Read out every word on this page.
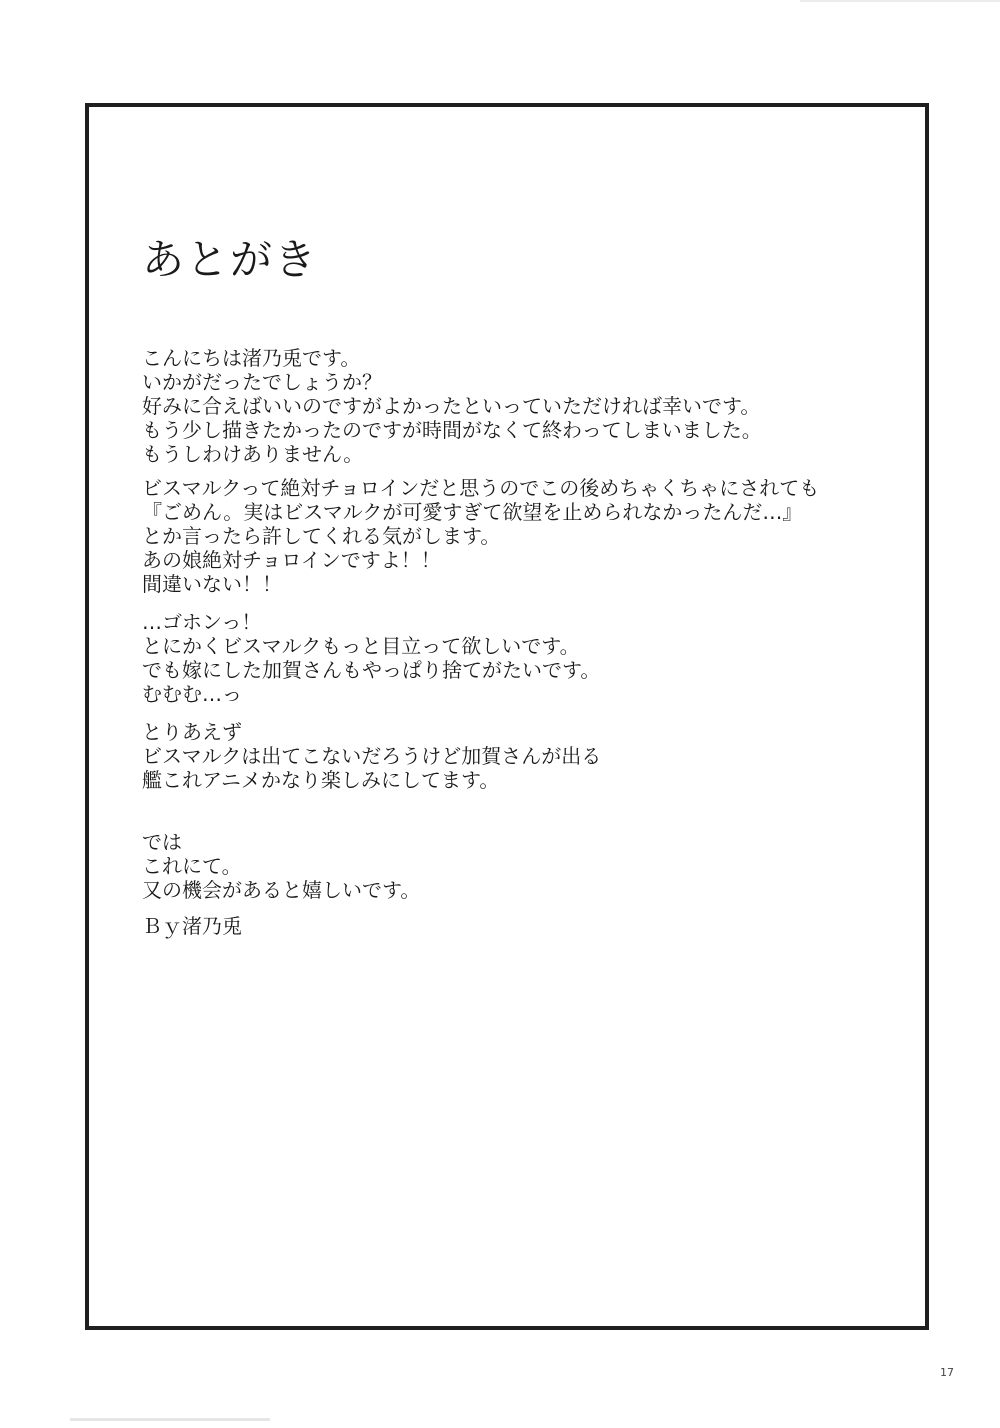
あとがき

こんにちは渚乃兎です。

いかがだったでしょうか？

好みに合えばいいのですがよかったといっていただければ幸いです。

もう少し描きたかったのですが時間がなくて終わってしまいました。

もうしわけありません。

ビスマルクって絶対チョロインだと思うのでこの後めちゃくちゃにされても

『ごめん。実はビスマルクが可愛すぎて欲望を止められなかったんだ…』

とか言ったら許してくれる気がします。

あの娘絶対チョロインですよ！！

間違いない！！

…ゴホンっ！

とにかくビスマルクもっと目立って欲しいです。

でも嫁にした加賀さんもやっぱり捨てがたいです。

むむむ…っ

とりあえず

ビスマルクは出てこないだろうけど加賀さんが出る

艦これアニメかなり楽しみにしてます。

では

これにて。

又の機会があると嬉しいです。

Ｂｙ渚乃兎

17
